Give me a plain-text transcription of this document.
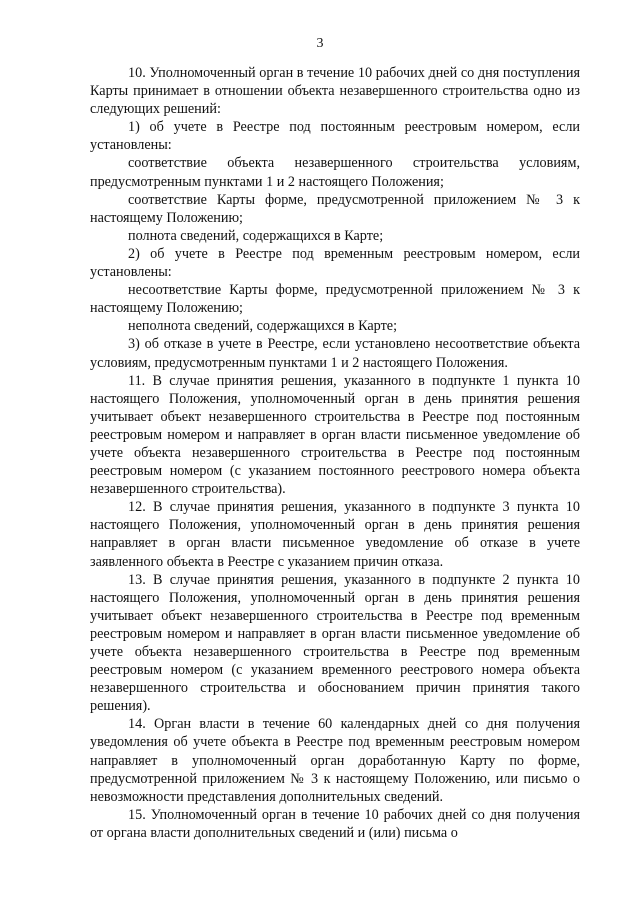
3

10. Уполномоченный орган в течение 10 рабочих дней со дня поступления Карты принимает в отношении объекта незавершенного строительства одно из следующих решений:

1) об учете в Реестре под постоянным реестровым номером, если установлены:

соответствие объекта незавершенного строительства условиям, предусмотренным пунктами 1 и 2 настоящего Положения;

соответствие Карты форме, предусмотренной приложением № 3 к настоящему Положению;

полнота сведений, содержащихся в Карте;

2) об учете в Реестре под временным реестровым номером, если установлены:

несоответствие Карты форме, предусмотренной приложением № 3 к настоящему Положению;

неполнота сведений, содержащихся в Карте;

3) об отказе в учете в Реестре, если установлено несоответствие объекта условиям, предусмотренным пунктами 1 и 2 настоящего Положения.

11. В случае принятия решения, указанного в подпункте 1 пункта 10 настоящего Положения, уполномоченный орган в день принятия решения учитывает объект незавершенного строительства в Реестре под постоянным реестровым номером и направляет в орган власти письменное уведомление об учете объекта незавершенного строительства в Реестре под постоянным реестровым номером (с указанием постоянного реестрового номера объекта незавершенного строительства).

12. В случае принятия решения, указанного в подпункте 3 пункта 10 настоящего Положения, уполномоченный орган в день принятия решения направляет в орган власти письменное уведомление об отказе в учете заявленного объекта в Реестре с указанием причин отказа.

13. В случае принятия решения, указанного в подпункте 2 пункта 10 настоящего Положения, уполномоченный орган в день принятия решения учитывает объект незавершенного строительства в Реестре под временным реестровым номером и направляет в орган власти письменное уведомление об учете объекта незавершенного строительства в Реестре под временным реестровым номером (с указанием временного реестрового номера объекта незавершенного строительства и обоснованием причин принятия такого решения).

14. Орган власти в течение 60 календарных дней со дня получения уведомления об учете объекта в Реестре под временным реестровым номером направляет в уполномоченный орган доработанную Карту по форме, предусмотренной приложением № 3 к настоящему Положению, или письмо о невозможности представления дополнительных сведений.

15. Уполномоченный орган в течение 10 рабочих дней со дня получения от органа власти дополнительных сведений и (или) письма о
